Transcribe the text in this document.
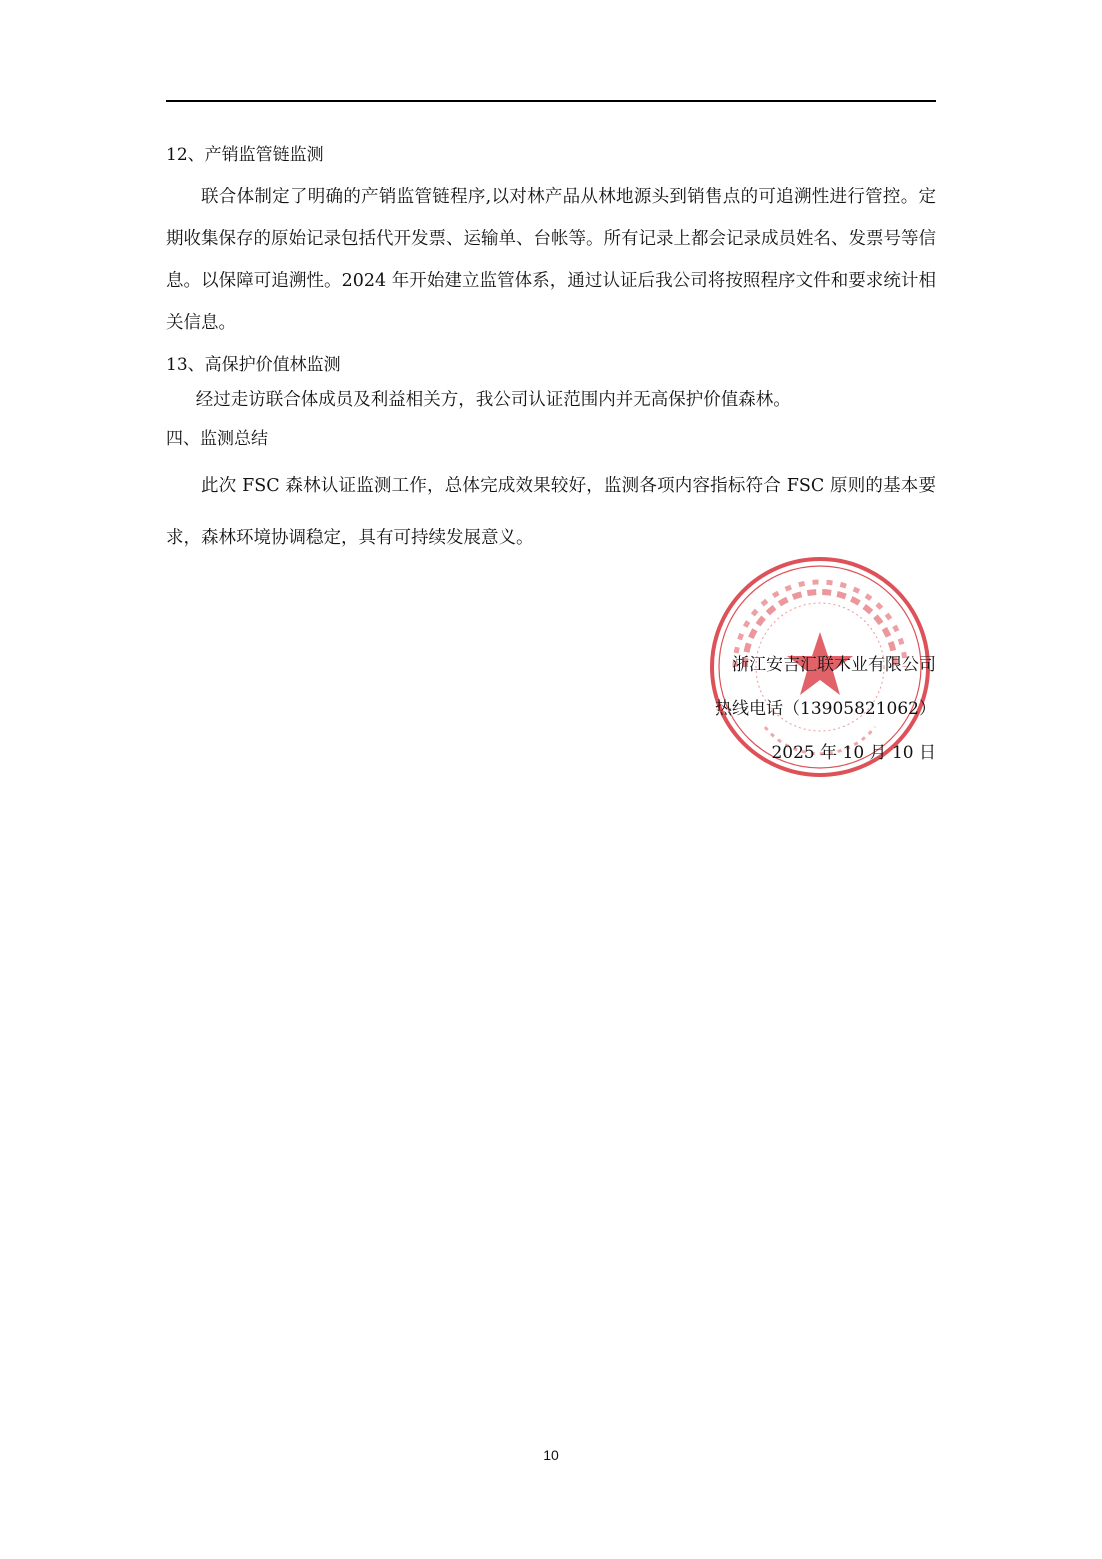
12、产销监管链监测

联合体制定了明确的产销监管链程序,以对林产品从林地源头到销售点的可追溯性进行管控。定期收集保存的原始记录包括代开发票、运输单、台帐等。所有记录上都会记录成员姓名、发票号等信息。以保障可追溯性。2024 年开始建立监管体系，通过认证后我公司将按照程序文件和要求统计相关信息。

13、高保护价值林监测

经过走访联合体成员及利益相关方，我公司认证范围内并无高保护价值森林。

四、监测总结

此次 FSC 森林认证监测工作，总体完成效果较好，监测各项内容指标符合 FSC 原则的基本要求，森林环境协调稳定，具有可持续发展意义。

浙江安吉汇联木业有限公司
热线电话（13905821062）
2025 年 10 月 10 日
10
